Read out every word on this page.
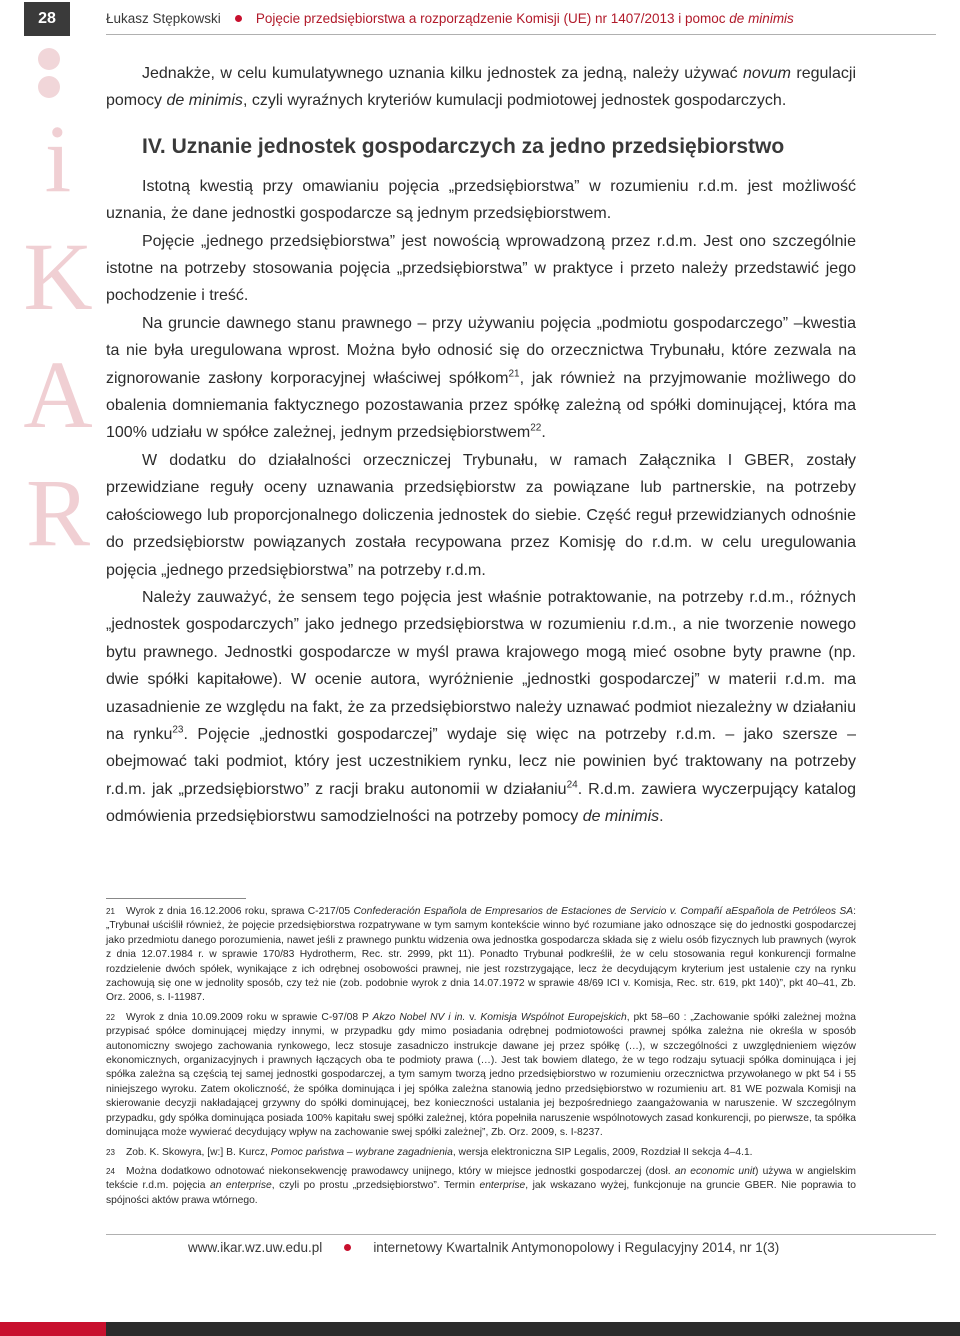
28	Łukasz Stępkowski	Pojęcie przedsiębiorstwa a rozporządzenie Komisji (UE) nr 1407/2013 i pomoc de minimis
i
K
A
R

Jednakże, w celu kumulatywnego uznania kilku jednostek za jedną, należy używać novum regulacji pomocy de minimis, czyli wyraźnych kryteriów kumulacji podmiotowej jednostek gospodarczych.

IV. Uznanie jednostek gospodarczych za jedno przedsiębiorstwo

Istotną kwestią przy omawianiu pojęcia „przedsiębiorstwa” w rozumieniu r.d.m. jest możliwość uznania, że dane jednostki gospodarcze są jednym przedsiębiorstwem.

Pojęcie „jednego przedsiębiorstwa” jest nowością wprowadzoną przez r.d.m. Jest ono szczególnie istotne na potrzeby stosowania pojęcia „przedsiębiorstwa” w praktyce i przeto należy przedstawić jego pochodzenie i treść.

Na gruncie dawnego stanu prawnego – przy używaniu pojęcia „podmiotu gospodarczego” –kwestia ta nie była uregulowana wprost. Można było odnosić się do orzecznictwa Trybunału, które zezwala na zignorowanie zasłony korporacyjnej właściwej spółkom$^{21}$, jak również na przyjmowanie możliwego do obalenia domniemania faktycznego pozostawania przez spółkę zależną od spółki dominującej, która ma 100% udziału w spółce zależnej, jednym przedsiębiorstwem$^{22}$.

W dodatku do działalności orzeczniczej Trybunału, w ramach Załącznika I GBER, zostały przewidziane reguły oceny uznawania przedsiębiorstw za powiązane lub partnerskie, na potrzeby całościowego lub proporcjonalnego doliczenia jednostek do siebie. Część reguł przewidzianych odnośnie do przedsiębiorstw powiązanych została recypowana przez Komisję do r.d.m. w celu uregulowania pojęcia „jednego przedsiębiorstwa” na potrzeby r.d.m.

Należy zauważyć, że sensem tego pojęcia jest właśnie potraktowanie, na potrzeby r.d.m., różnych „jednostek gospodarczych” jako jednego przedsiębiorstwa w rozumieniu r.d.m., a nie tworzenie nowego bytu prawnego. Jednostki gospodarcze w myśl prawa krajowego mogą mieć osobne byty prawne (np. dwie spółki kapitałowe). W ocenie autora, wyróżnienie „jednostki gospodarczej” w materii r.d.m. ma uzasadnienie ze względu na fakt, że za przedsiębiorstwo należy uznawać podmiot niezależny w działaniu na rynku$^{23}$. Pojęcie „jednostki gospodarczej” wydaje się więc na potrzeby r.d.m. – jako szersze – obejmować taki podmiot, który jest uczestnikiem rynku, lecz nie powinien być traktowany na potrzeby r.d.m. jak „przedsiębiorstwo” z racji braku autonomii w działaniu$^{24}$. R.d.m. zawiera wyczerpujący katalog odmówienia przedsiębiorstwu samodzielności na potrzeby pomocy de minimis.

21 Wyrok z dnia 16.12.2006 roku, sprawa C-217/05 Confederación Española de Empresarios de Estaciones de Servicio v. Compañí aEspañola de Petróleos SA: „Trybunał uściślił również, że pojęcie przedsiębiorstwa rozpatrywane w tym samym kontekście winno być rozumiane jako odnoszące się do jednostki gospodarczej jako przedmiotu danego porozumienia, nawet jeśli z prawnego punktu widzenia owa jednostka gospodarcza składa się z wielu osób fizycznych lub prawnych (wyrok z dnia 12.07.1984 r. w sprawie 170/83 Hydrotherm, Rec. str. 2999, pkt 11). Ponadto Trybunał podkreślił, że w celu stosowania reguł konkurencji formalne rozdzielenie dwóch spółek, wynikające z ich odrębnej osobowości prawnej, nie jest rozstrzygające, lecz że decydującym kryterium jest ustalenie czy na rynku zachowują się one w jednolity sposób, czy też nie (zob. podobnie wyrok z dnia 14.07.1972 w sprawie 48/69 ICI v. Komisja, Rec. str. 619, pkt 140)”, pkt 40–41, Zb. Orz. 2006, s. I-11987.
22 Wyrok z dnia 10.09.2009 roku w sprawie C-97/08 P Akzo Nobel NV i in. v. Komisja Wspólnot Europejskich, pkt 58–60 : „Zachowanie spółki zależnej można przypisać spółce dominującej między innymi, w przypadku gdy mimo posiadania odrębnej podmiotowości prawnej spółka zależna nie określa w sposób autonomiczny swojego zachowania rynkowego, lecz stosuje zasadniczo instrukcje dawane jej przez spółkę (…), w szczególności z uwzględnieniem więzów ekonomicznych, organizacyjnych i prawnych łączących oba te podmioty prawa (…). Jest tak bowiem dlatego, że w tego rodzaju sytuacji spółka dominująca i jej spółka zależna są częścią tej samej jednostki gospodarczej, a tym samym tworzą jedno przedsiębiorstwo w rozumieniu orzecznictwa przywołanego w pkt 54 i 55 niniejszego wyroku. Zatem okoliczność, że spółka dominująca i jej spółka zależna stanowią jedno przedsiębiorstwo w rozumieniu art. 81 WE pozwala Komisji na skierowanie decyzji nakładającej grzywny do spółki dominującej, bez konieczności ustalania jej bezpośredniego zaangażowania w naruszenie. W szczególnym przypadku, gdy spółka dominująca posiada 100% kapitału swej spółki zależnej, która popełniła naruszenie wspólnotowych zasad konkurencji, po pierwsze, ta spółka dominująca może wywierać decydujący wpływ na zachowanie swej spółki zależnej”, Zb. Orz. 2009, s. I-8237.
23 Zob. K. Skowyra, [w:] B. Kurcz, Pomoc państwa – wybrane zagadnienia, wersja elektroniczna SIP Legalis, 2009, Rozdział II sekcja 4–4.1.
24 Można dodatkowo odnotować niekonsekwencję prawodawcy unijnego, który w miejsce jednostki gospodarczej (dosł. an economic unit) używa w angielskim tekście r.d.m. pojęcia an enterprise, czyli po prostu „przedsiębiorstwo”. Termin enterprise, jak wskazano wyżej, funkcjonuje na gruncie GBER. Nie poprawia to spójności aktów prawa wtórnego.
www.ikar.wz.uw.edu.pl	internetowy Kwartalnik Antymonopolowy i Regulacyjny 2014, nr 1(3)
